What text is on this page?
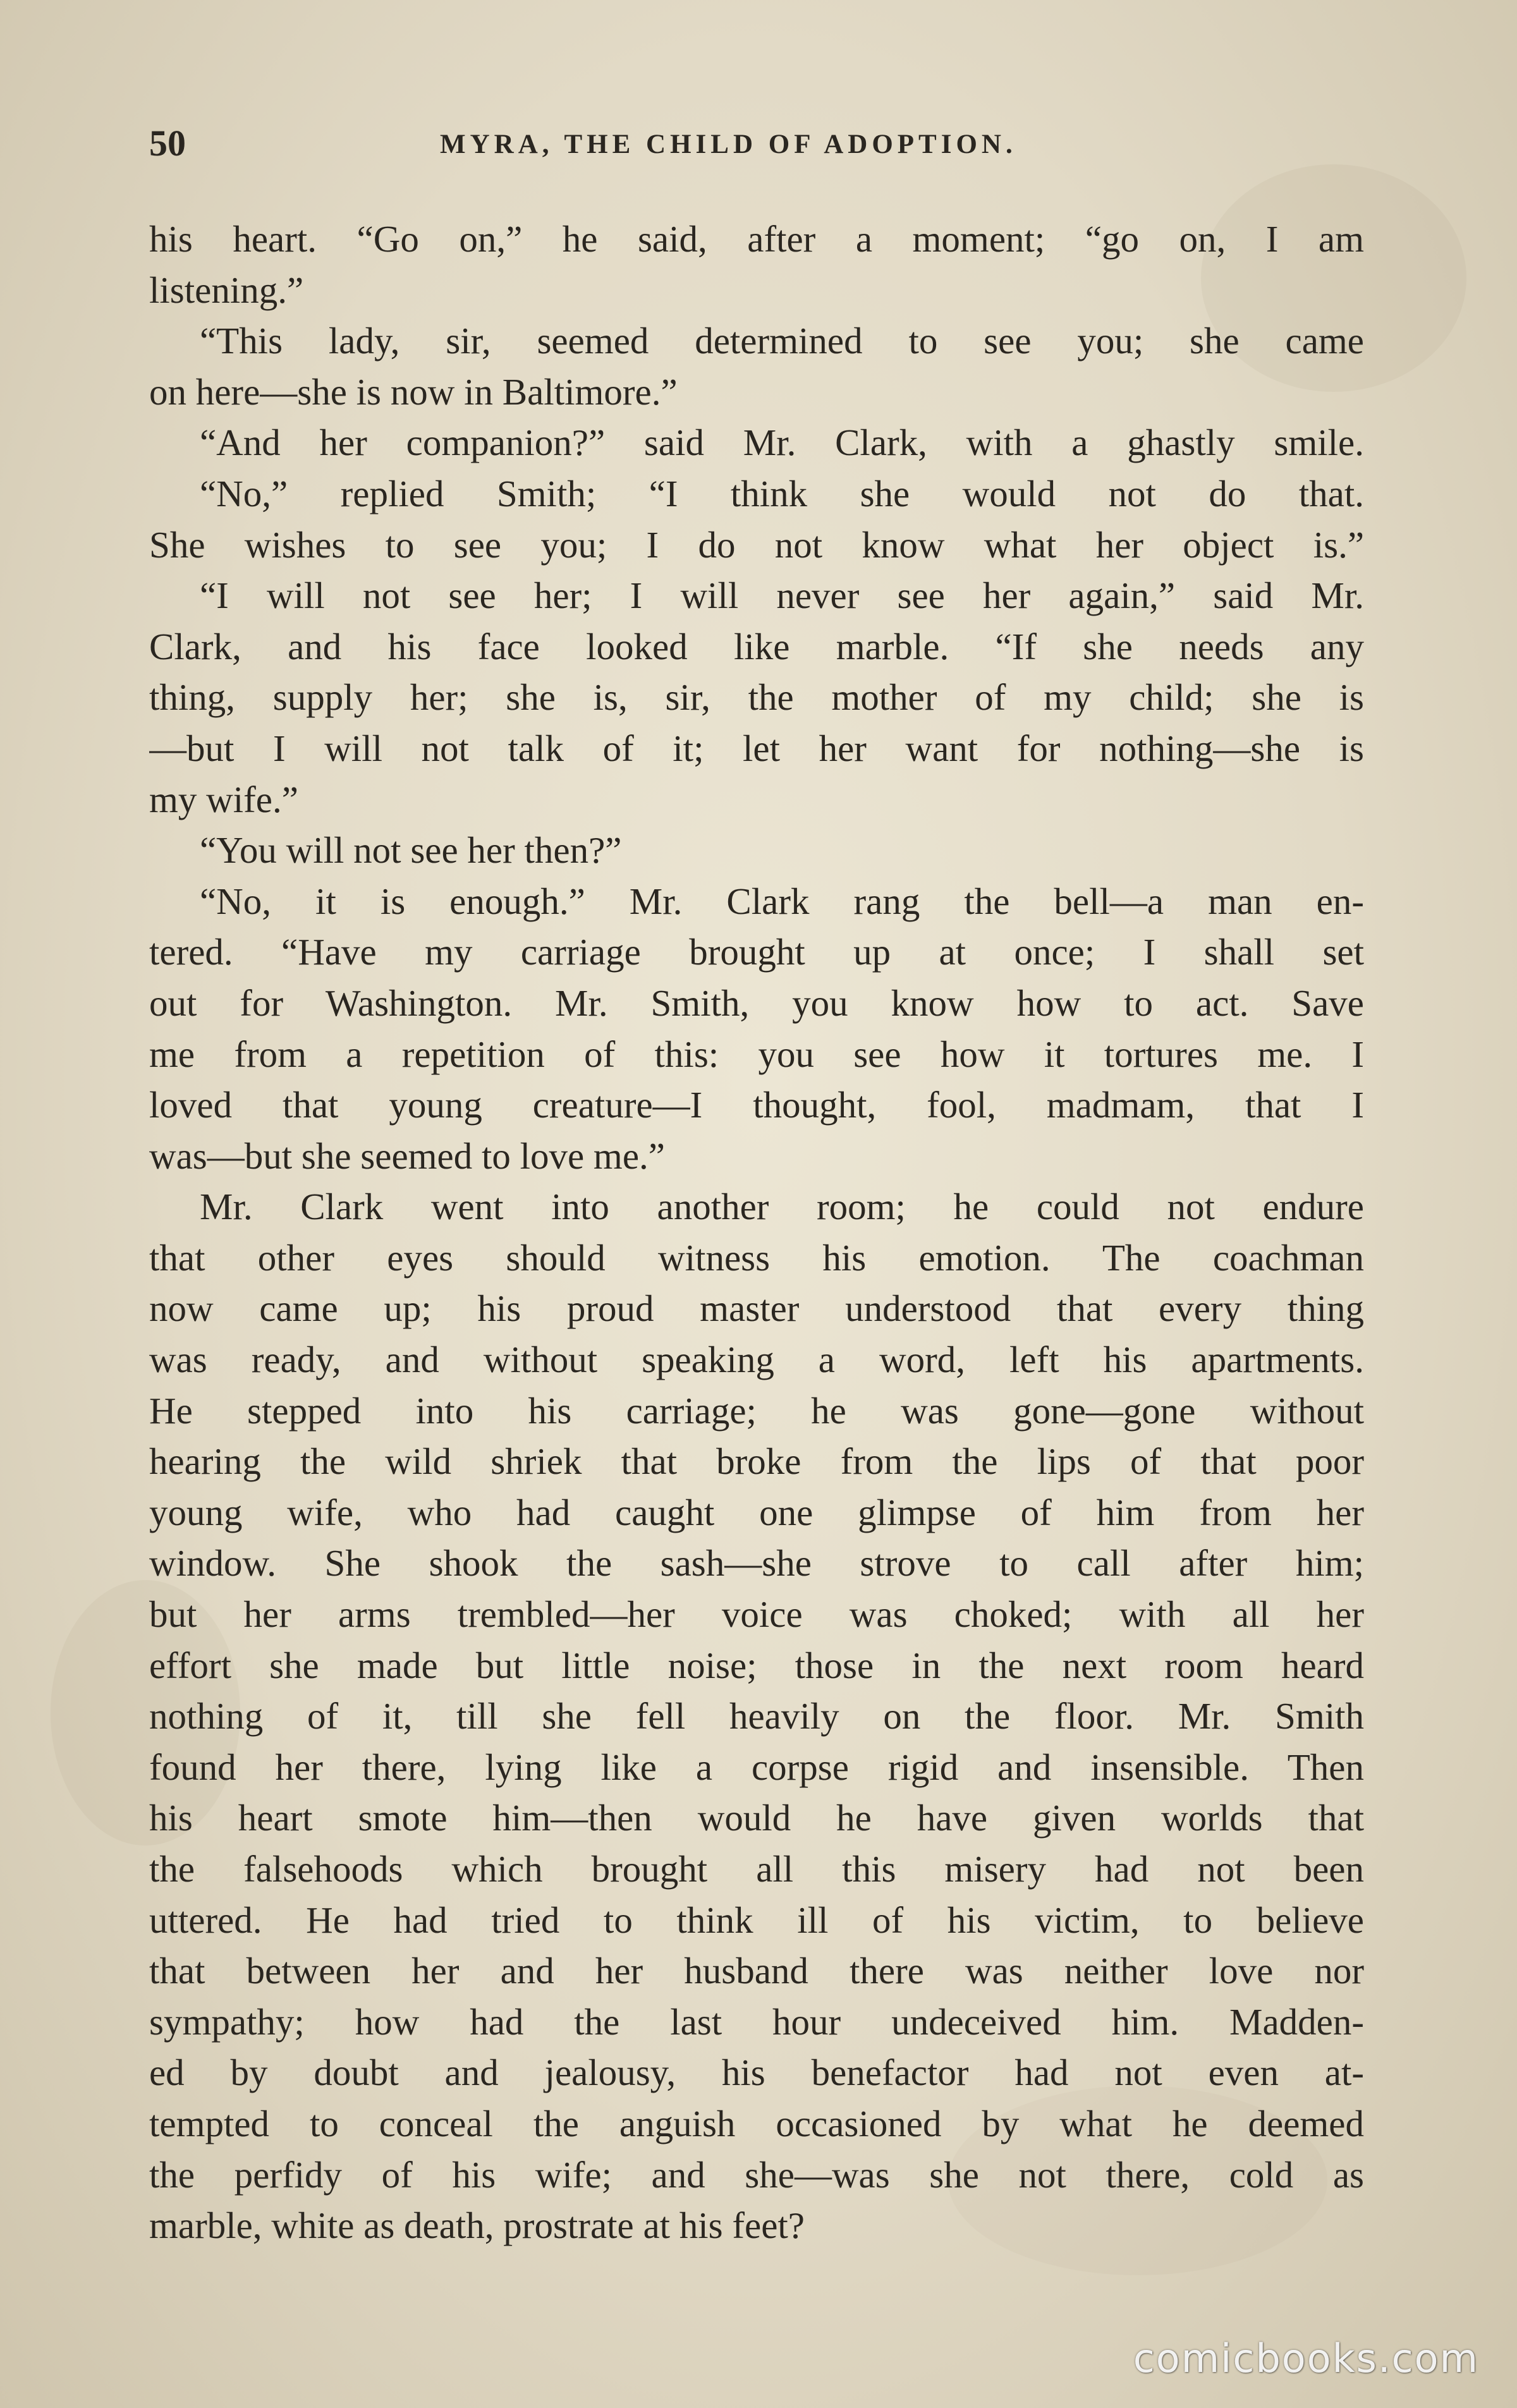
50	MYRA, THE CHILD OF ADOPTION.
his heart. “Go on,” he said, after a moment; “go on, I am
listening.”
“This lady, sir, seemed determined to see you; she came
on here—she is now in Baltimore.”
“And her companion?” said Mr. Clark, with a ghastly smile.
“No,” replied Smith; “I think she would not do that.
She wishes to see you; I do not know what her object is.”
“I will not see her; I will never see her again,” said Mr.
Clark, and his face looked like marble. “If she needs any
thing, supply her; she is, sir, the mother of my child; she is
—but I will not talk of it; let her want for nothing—she is
my wife.”
“You will not see her then?”
“No, it is enough.” Mr. Clark rang the bell—a man en-
tered. “Have my carriage brought up at once; I shall set
out for Washington. Mr. Smith, you know how to act. Save
me from a repetition of this: you see how it tortures me. I
loved that young creature—I thought, fool, madmam, that I
was—but she seemed to love me.”
Mr. Clark went into another room; he could not endure
that other eyes should witness his emotion. The coachman
now came up; his proud master understood that every thing
was ready, and without speaking a word, left his apartments.
He stepped into his carriage; he was gone—gone without
hearing the wild shriek that broke from the lips of that poor
young wife, who had caught one glimpse of him from her
window. She shook the sash—she strove to call after him;
but her arms trembled—her voice was choked; with all her
effort she made but little noise; those in the next room heard
nothing of it, till she fell heavily on the floor. Mr. Smith
found her there, lying like a corpse rigid and insensible. Then
his heart smote him—then would he have given worlds that
the falsehoods which brought all this misery had not been
uttered. He had tried to think ill of his victim, to believe
that between her and her husband there was neither love nor
sympathy; how had the last hour undeceived him. Madden-
ed by doubt and jealousy, his benefactor had not even at-
tempted to conceal the anguish occasioned by what he deemed
the perfidy of his wife; and she—was she not there, cold as
marble, white as death, prostrate at his feet?
comicbooks.com
